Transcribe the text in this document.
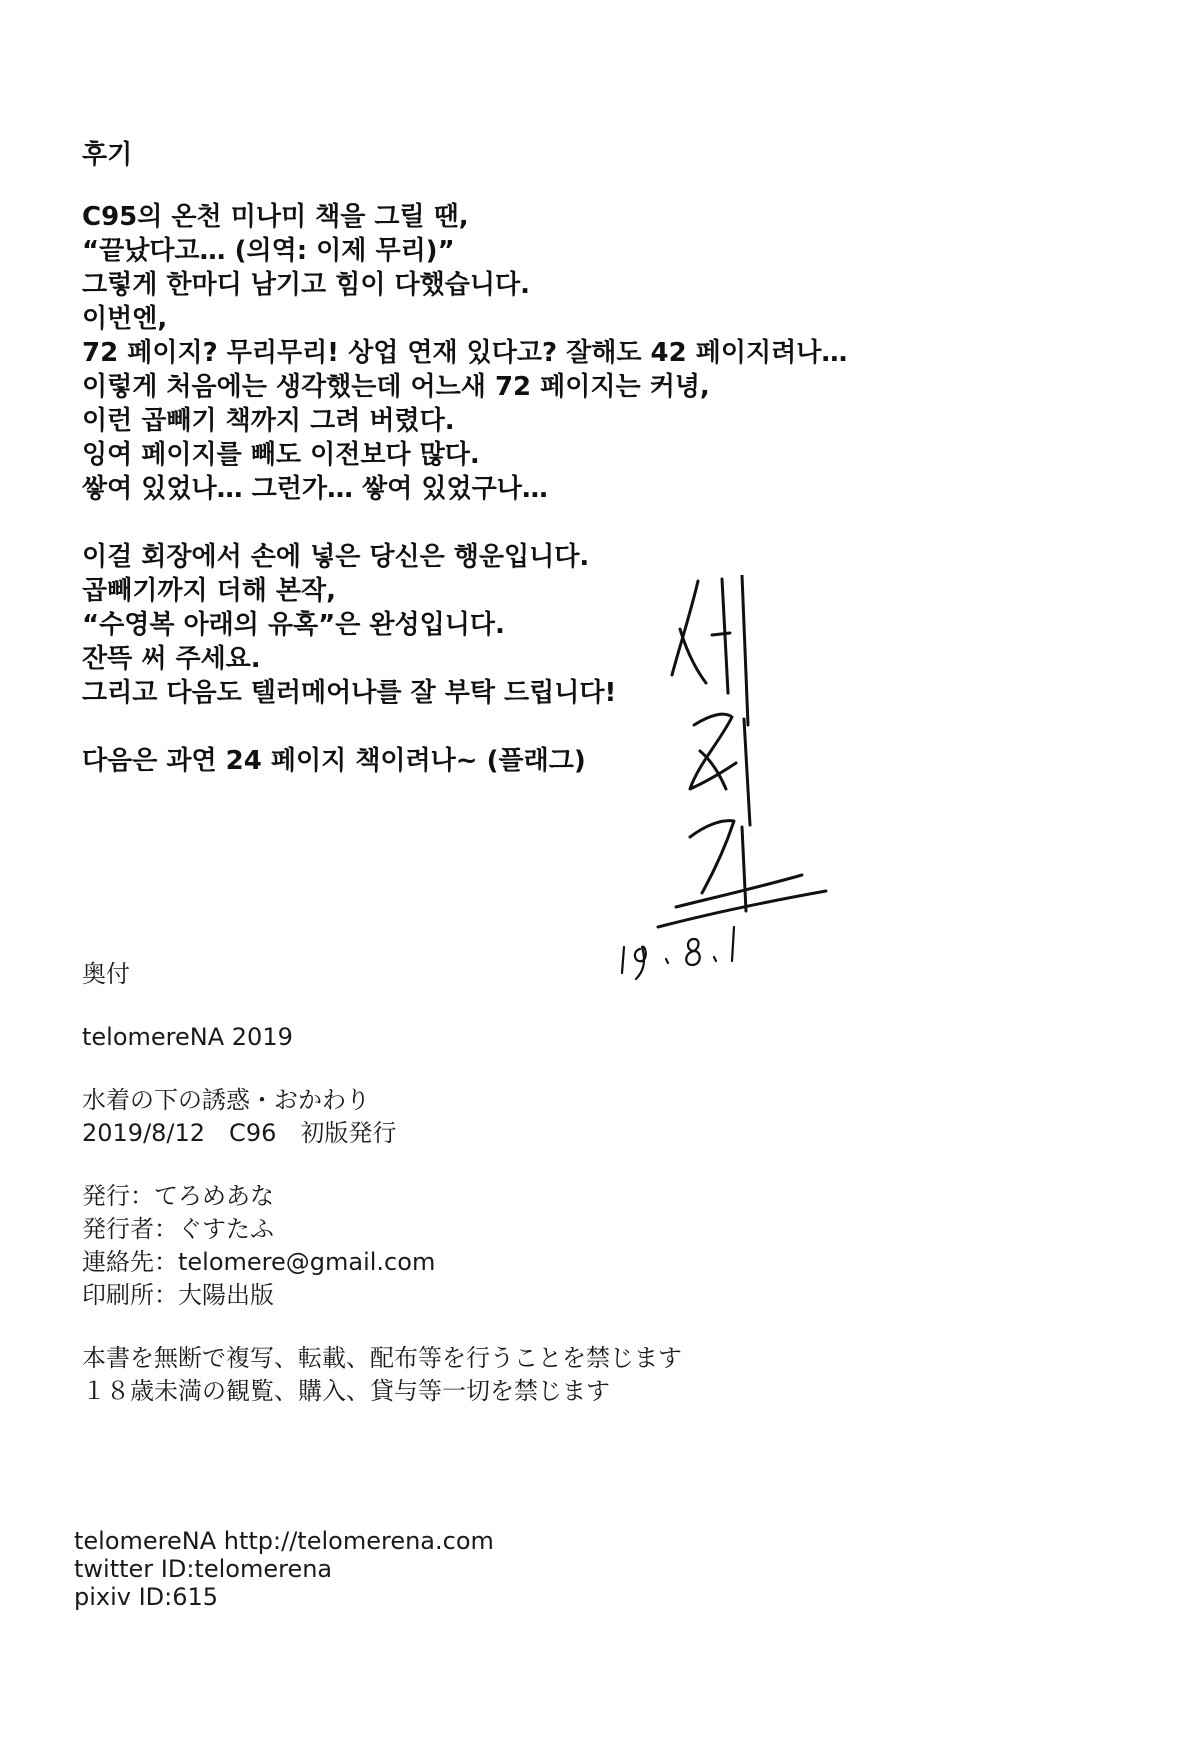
후기
C95의 온천 미나미 책을 그릴 땐,
“끝났다고… (의역: 이제 무리)”
그렇게 한마디 남기고 힘이 다했습니다.
이번엔,
72 페이지? 무리무리! 상업 연재 있다고? 잘해도 42 페이지려나…
이렇게 처음에는 생각했는데 어느새 72 페이지는 커녕,
이런 곱빼기 책까지 그려 버렸다.
잉여 페이지를 빼도 이전보다 많다.
쌓여 있었나… 그런가… 쌓여 있었구나…
이걸 회장에서 손에 넣은 당신은 행운입니다.
곱빼기까지 더해 본작,
“수영복 아래의 유혹”은 완성입니다.
잔뜩 써 주세요.
그리고 다음도 텔러메어나를 잘 부탁 드립니다!
다음은 과연 24 페이지 책이려나~ (플래그)
奥付
telomereNA 2019
水着の下の誘惑・おかわり
2019/8/12　C96　初版発行
発行：てろめあな
発行者：ぐすたふ
連絡先：telomere@gmail.com
印刷所：大陽出版
本書を無断で複写、転載、配布等を行うことを禁じます
１８歳未満の観覧、購入、貸与等一切を禁じます
telomereNA http://telomerena.com
twitter ID:telomerena
pixiv ID:615
